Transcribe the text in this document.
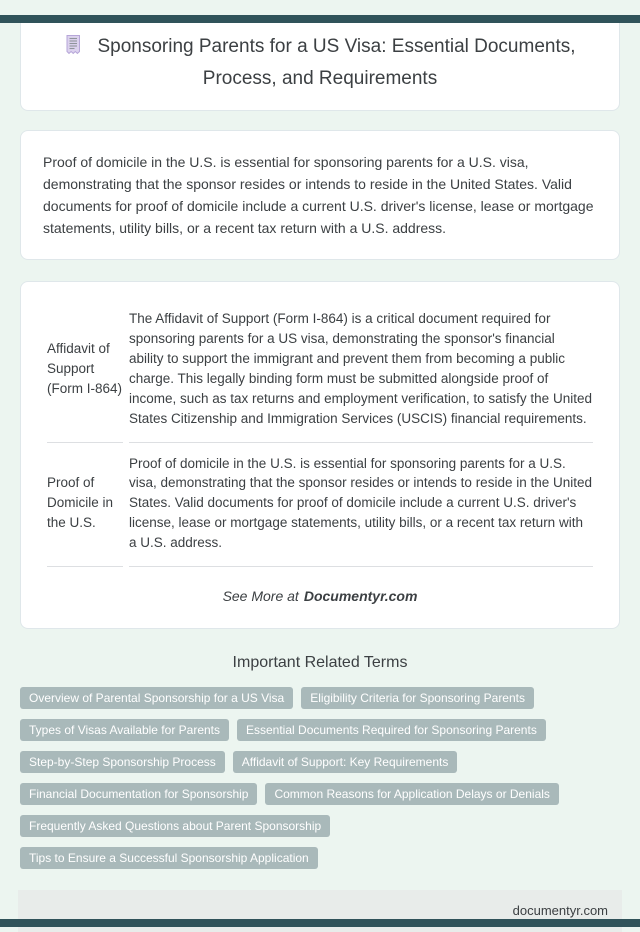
Sponsoring Parents for a US Visa: Essential Documents, Process, and Requirements
Proof of domicile in the U.S. is essential for sponsoring parents for a U.S. visa, demonstrating that the sponsor resides or intends to reside in the United States. Valid documents for proof of domicile include a current U.S. driver's license, lease or mortgage statements, utility bills, or a recent tax return with a U.S. address.
Affidavit of Support (Form I-864)	The Affidavit of Support (Form I-864) is a critical document required for sponsoring parents for a US visa, demonstrating the sponsor's financial ability to support the immigrant and prevent them from becoming a public charge. This legally binding form must be submitted alongside proof of income, such as tax returns and employment verification, to satisfy the United States Citizenship and Immigration Services (USCIS) financial requirements.
Proof of Domicile in the U.S.	Proof of domicile in the U.S. is essential for sponsoring parents for a U.S. visa, demonstrating that the sponsor resides or intends to reside in the United States. Valid documents for proof of domicile include a current U.S. driver's license, lease or mortgage statements, utility bills, or a recent tax return with a U.S. address.
See More at Documentyr.com
Important Related Terms
Overview of Parental Sponsorship for a US Visa	Eligibility Criteria for Sponsoring Parents
Types of Visas Available for Parents	Essential Documents Required for Sponsoring Parents
Step-by-Step Sponsorship Process	Affidavit of Support: Key Requirements
Financial Documentation for Sponsorship	Common Reasons for Application Delays or Denials
Frequently Asked Questions about Parent Sponsorship
Tips to Ensure a Successful Sponsorship Application
documentyr.com
